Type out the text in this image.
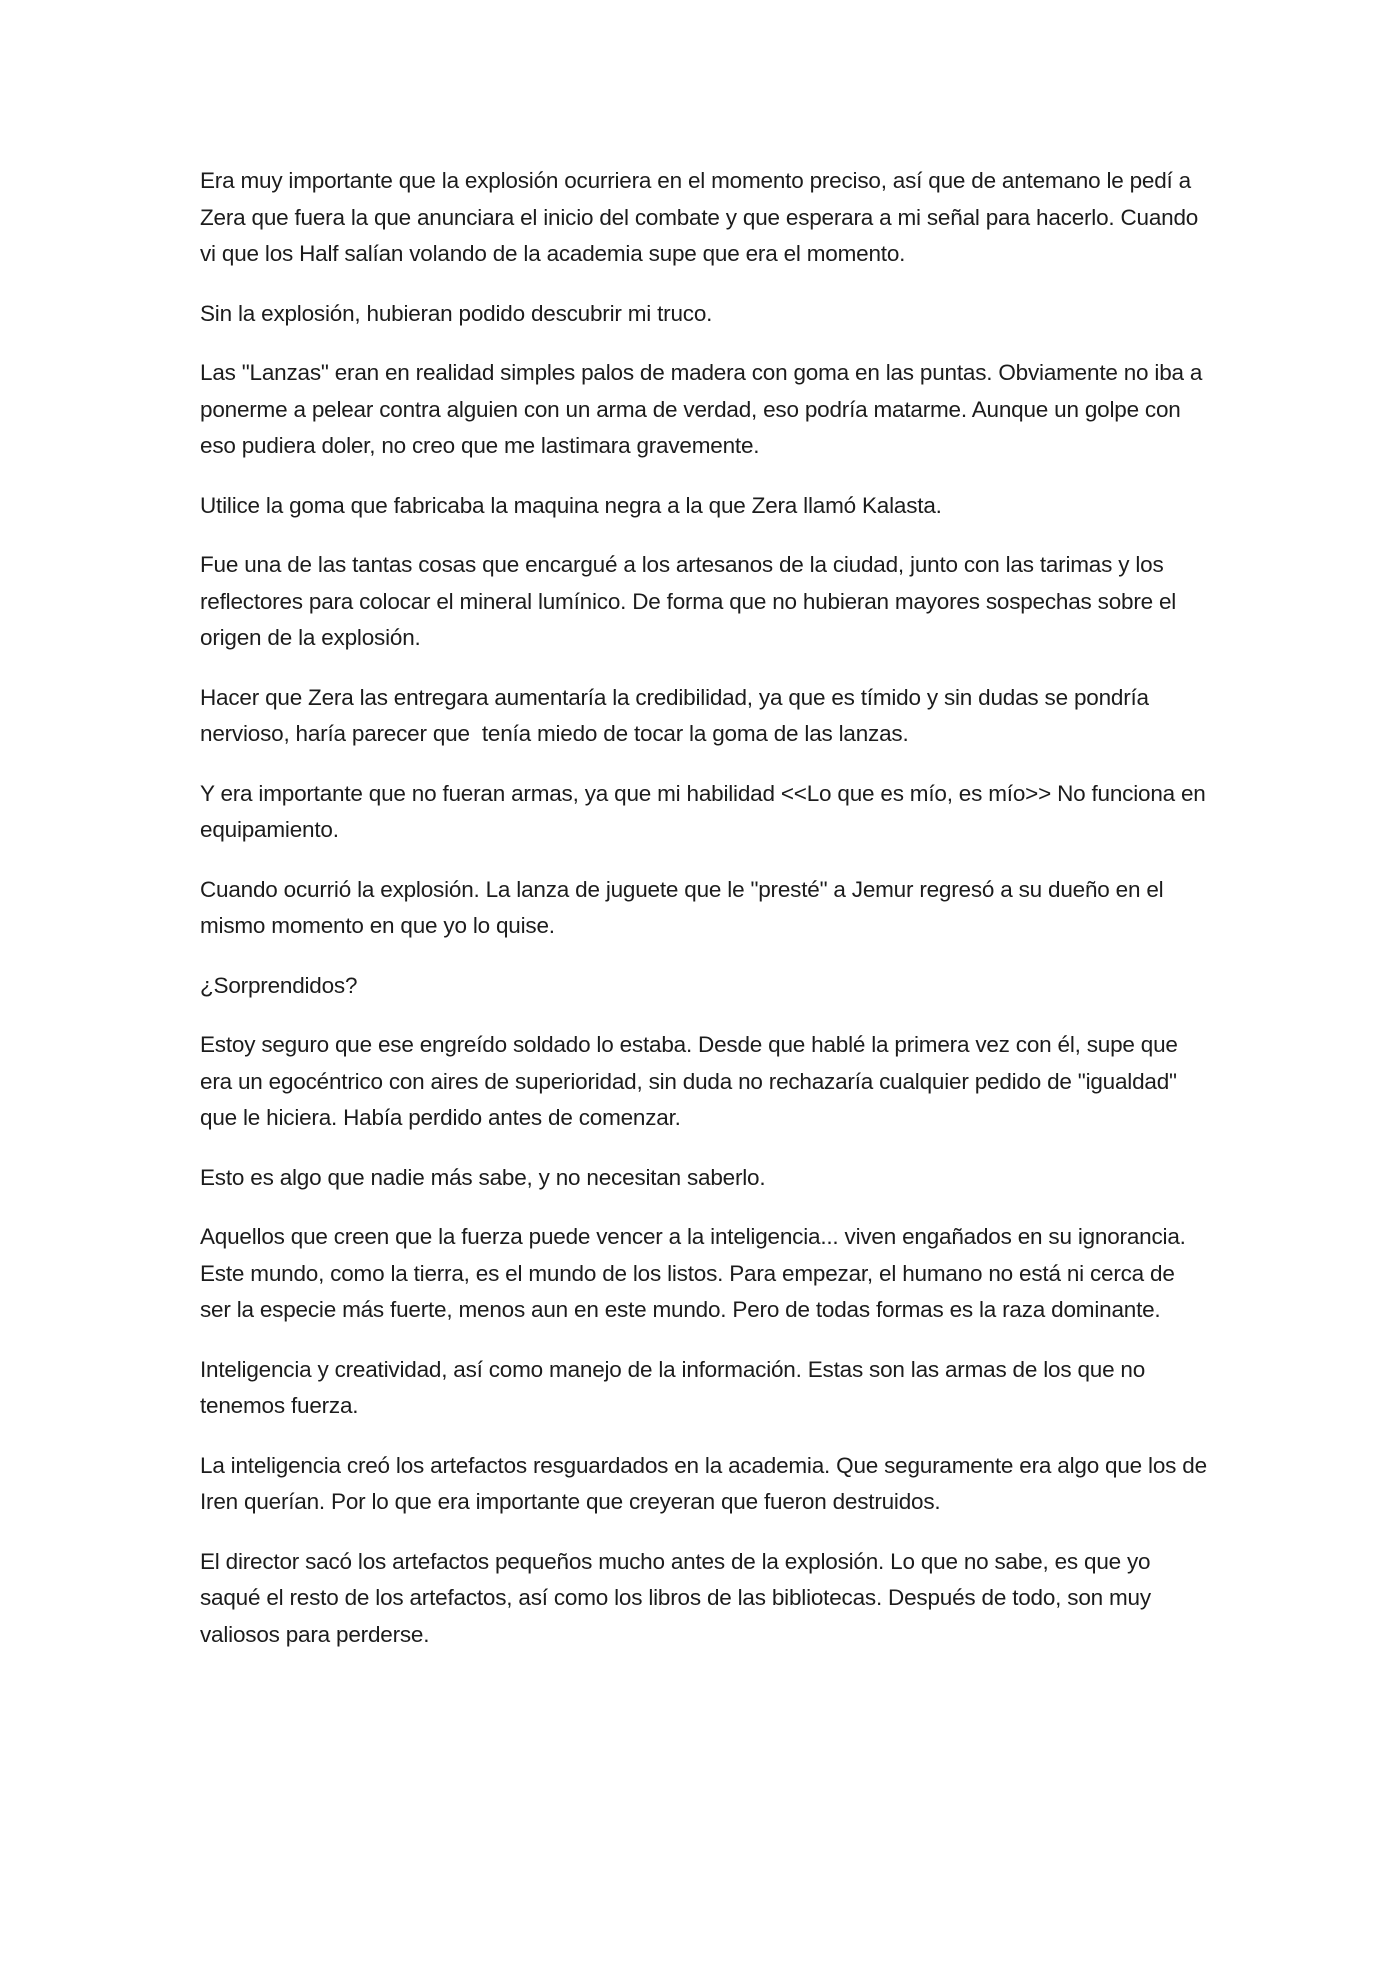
Era muy importante que la explosión ocurriera en el momento preciso, así que de antemano le pedí a Zera que fuera la que anunciara el inicio del combate y que esperara a mi señal para hacerlo. Cuando vi que los Half salían volando de la academia supe que era el momento.

Sin la explosión, hubieran podido descubrir mi truco.

Las "Lanzas" eran en realidad simples palos de madera con goma en las puntas. Obviamente no iba a ponerme a pelear contra alguien con un arma de verdad, eso podría matarme. Aunque un golpe con eso pudiera doler, no creo que me lastimara gravemente.

Utilice la goma que fabricaba la maquina negra a la que Zera llamó Kalasta.

Fue una de las tantas cosas que encargué a los artesanos de la ciudad, junto con las tarimas y los reflectores para colocar el mineral lumínico. De forma que no hubieran mayores sospechas sobre el origen de la explosión.

Hacer que Zera las entregara aumentaría la credibilidad, ya que es tímido y sin dudas se pondría nervioso, haría parecer que  tenía miedo de tocar la goma de las lanzas.

Y era importante que no fueran armas, ya que mi habilidad <<Lo que es mío, es mío>> No funciona en equipamiento.

Cuando ocurrió la explosión. La lanza de juguete que le "presté" a Jemur regresó a su dueño en el mismo momento en que yo lo quise.

¿Sorprendidos?

Estoy seguro que ese engreído soldado lo estaba. Desde que hablé la primera vez con él, supe que era un egocéntrico con aires de superioridad, sin duda no rechazaría cualquier pedido de "igualdad" que le hiciera. Había perdido antes de comenzar.

Esto es algo que nadie más sabe, y no necesitan saberlo.

Aquellos que creen que la fuerza puede vencer a la inteligencia... viven engañados en su ignorancia. Este mundo, como la tierra, es el mundo de los listos. Para empezar, el humano no está ni cerca de ser la especie más fuerte, menos aun en este mundo. Pero de todas formas es la raza dominante.

Inteligencia y creatividad, así como manejo de la información. Estas son las armas de los que no tenemos fuerza.

La inteligencia creó los artefactos resguardados en la academia. Que seguramente era algo que los de Iren querían. Por lo que era importante que creyeran que fueron destruidos.

El director sacó los artefactos pequeños mucho antes de la explosión. Lo que no sabe, es que yo saqué el resto de los artefactos, así como los libros de las bibliotecas. Después de todo, son muy valiosos para perderse.
